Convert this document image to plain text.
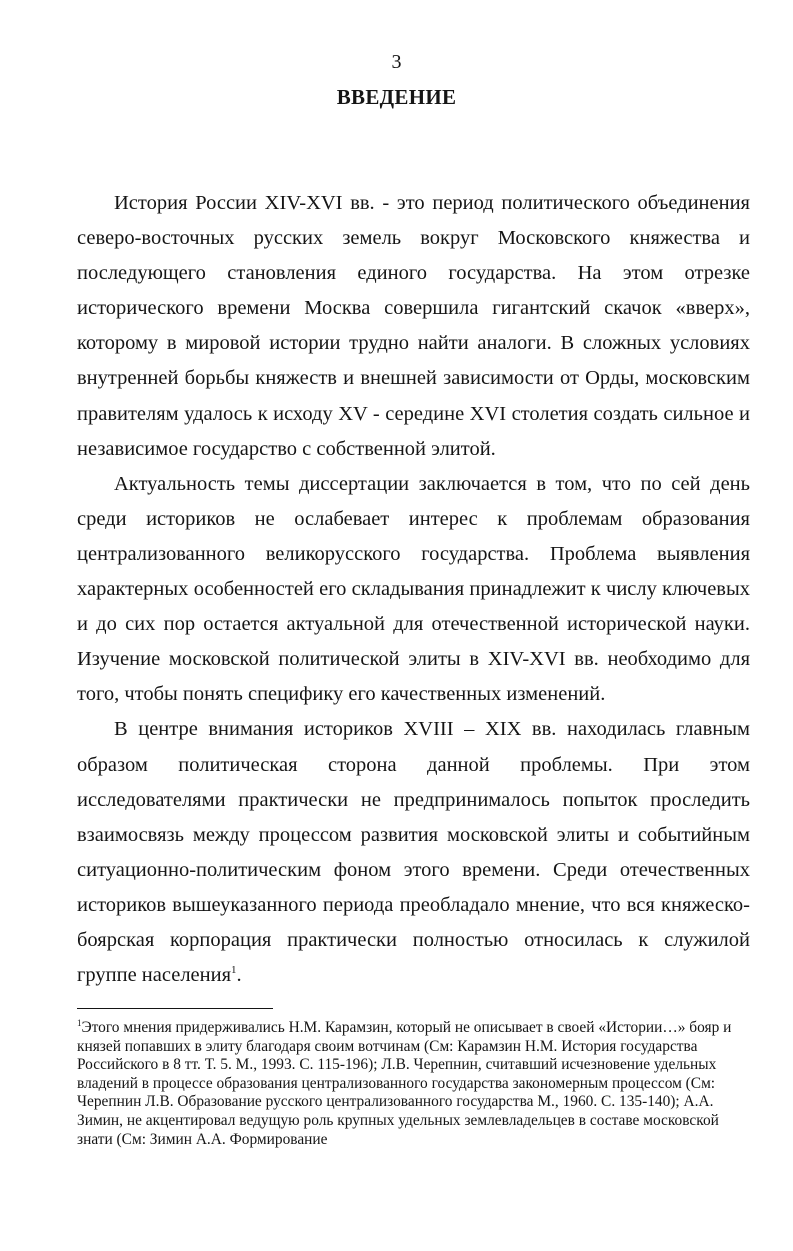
3
ВВЕДЕНИЕ

История России XIV-XVI вв. - это период политического объединения северо-восточных русских земель вокруг Московского княжества и последующего становления единого государства. На этом отрезке исторического времени Москва совершила гигантский скачок «вверх», которому в мировой истории трудно найти аналоги. В сложных условиях внутренней борьбы княжеств и внешней зависимости от Орды, московским правителям удалось к исходу XV - середине XVI столетия создать сильное и независимое государство с собственной элитой.

Актуальность темы диссертации заключается в том, что по сей день среди историков не ослабевает интерес к проблемам образования централизованного великорусского государства. Проблема выявления характерных особенностей его складывания принадлежит к числу ключевых и до сих пор остается актуальной для отечественной исторической науки. Изучение московской политической элиты в XIV-XVI вв. необходимо для того, чтобы понять специфику его качественных изменений.

В центре внимания историков XVIII – XIX вв. находилась главным образом политическая сторона данной проблемы. При этом исследователями практически не предпринималось попыток проследить взаимосвязь между процессом развития московской элиты и событийным ситуационно-политическим фоном этого времени. Среди отечественных историков вышеуказанного периода преобладало мнение, что вся княжеско-боярская корпорация практически полностью относилась к служилой группе населения$^1$.

$^1$Этого мнения придерживались Н.М. Карамзин, который не описывает в своей «Истории…» бояр и князей попавших в элиту благодаря своим вотчинам (См: Карамзин Н.М. История государства Российского в 8 тт. Т. 5. М., 1993. С. 115-196); Л.В. Черепнин, считавший исчезновение удельных владений в процессе образования централизованного государства закономерным процессом (См: Черепнин Л.В. Образование русского централизованного государства М., 1960. С. 135-140); А.А. Зимин, не акцентировал ведущую роль крупных удельных землевладельцев в составе московской знати (См: Зимин А.А. Формирование
